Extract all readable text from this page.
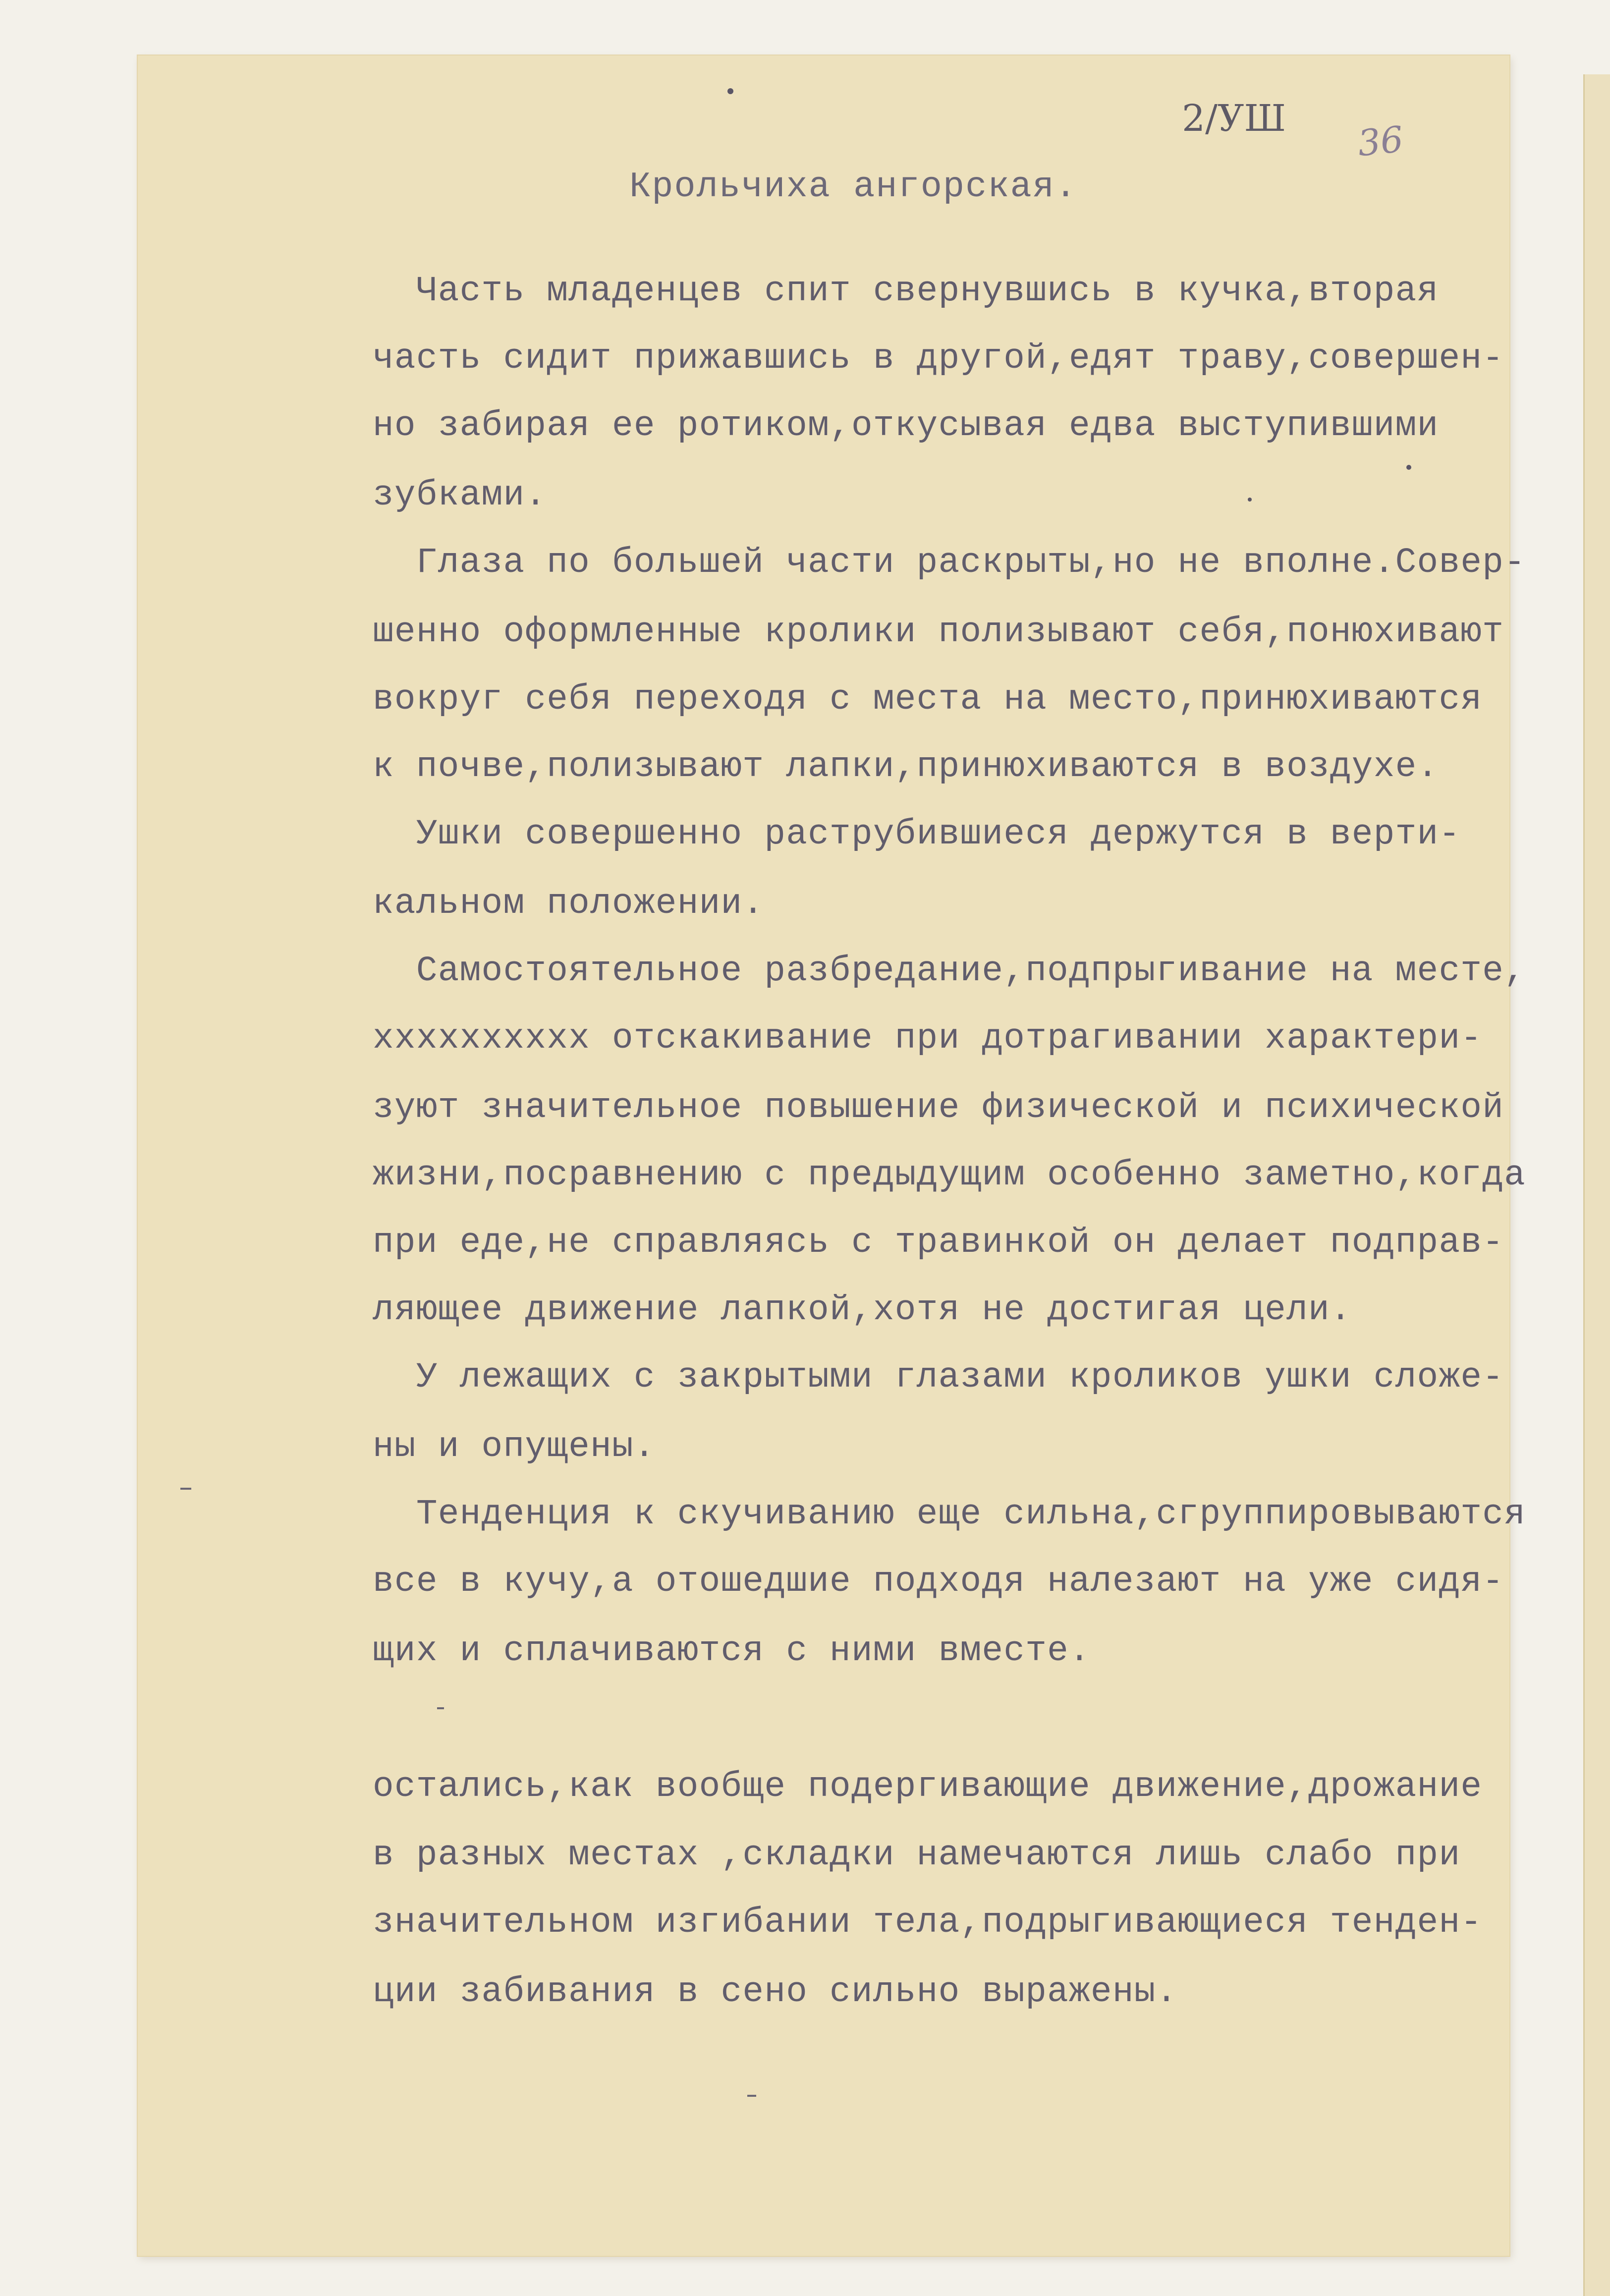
2/УШ 36
Крольчиха ангорская.
Часть младенцев спит свернувшись в кучка,вторая
часть сидит прижавшись в другой,едят траву,совершен-
но забирая ее ротиком,откусывая едва выступившими
зубками.
Глаза по большей части раскрыты,но не вполне.Совер-
шенно оформленные кролики полизывают себя,понюхивают
вокруг себя переходя с места на место,принюхиваются
к почве,полизывают лапки,принюхиваются в воздухе.
Ушки совершенно раструбившиеся держутся в верти-
кальном положении.
Самостоятельное разбредание,подпрыгивание на месте,
xxxxxxxxxx отскакивание при дотрагивании характери-
зуют значительное повышение физической и психической
жизни,посравнению с предыдущим особенно заметно,когда
при еде,не справляясь с травинкой он делает подправ-
ляющее движение лапкой,хотя не достигая цели.
У лежащих с закрытыми глазами кроликов ушки сложе-
ны и опущены.
Тенденция к скучиванию еще сильна,сгруппировываются
все в кучу,а отошедшие подходя налезают на уже сидя-
щих и сплачиваются с ними вместе.
остались,как вообще подергивающие движение,дрожание
в разных местах ,складки намечаются лишь слабо при
значительном изгибании тела,подрыгивающиеся тенден-
ции забивания в сено сильно выражены.
